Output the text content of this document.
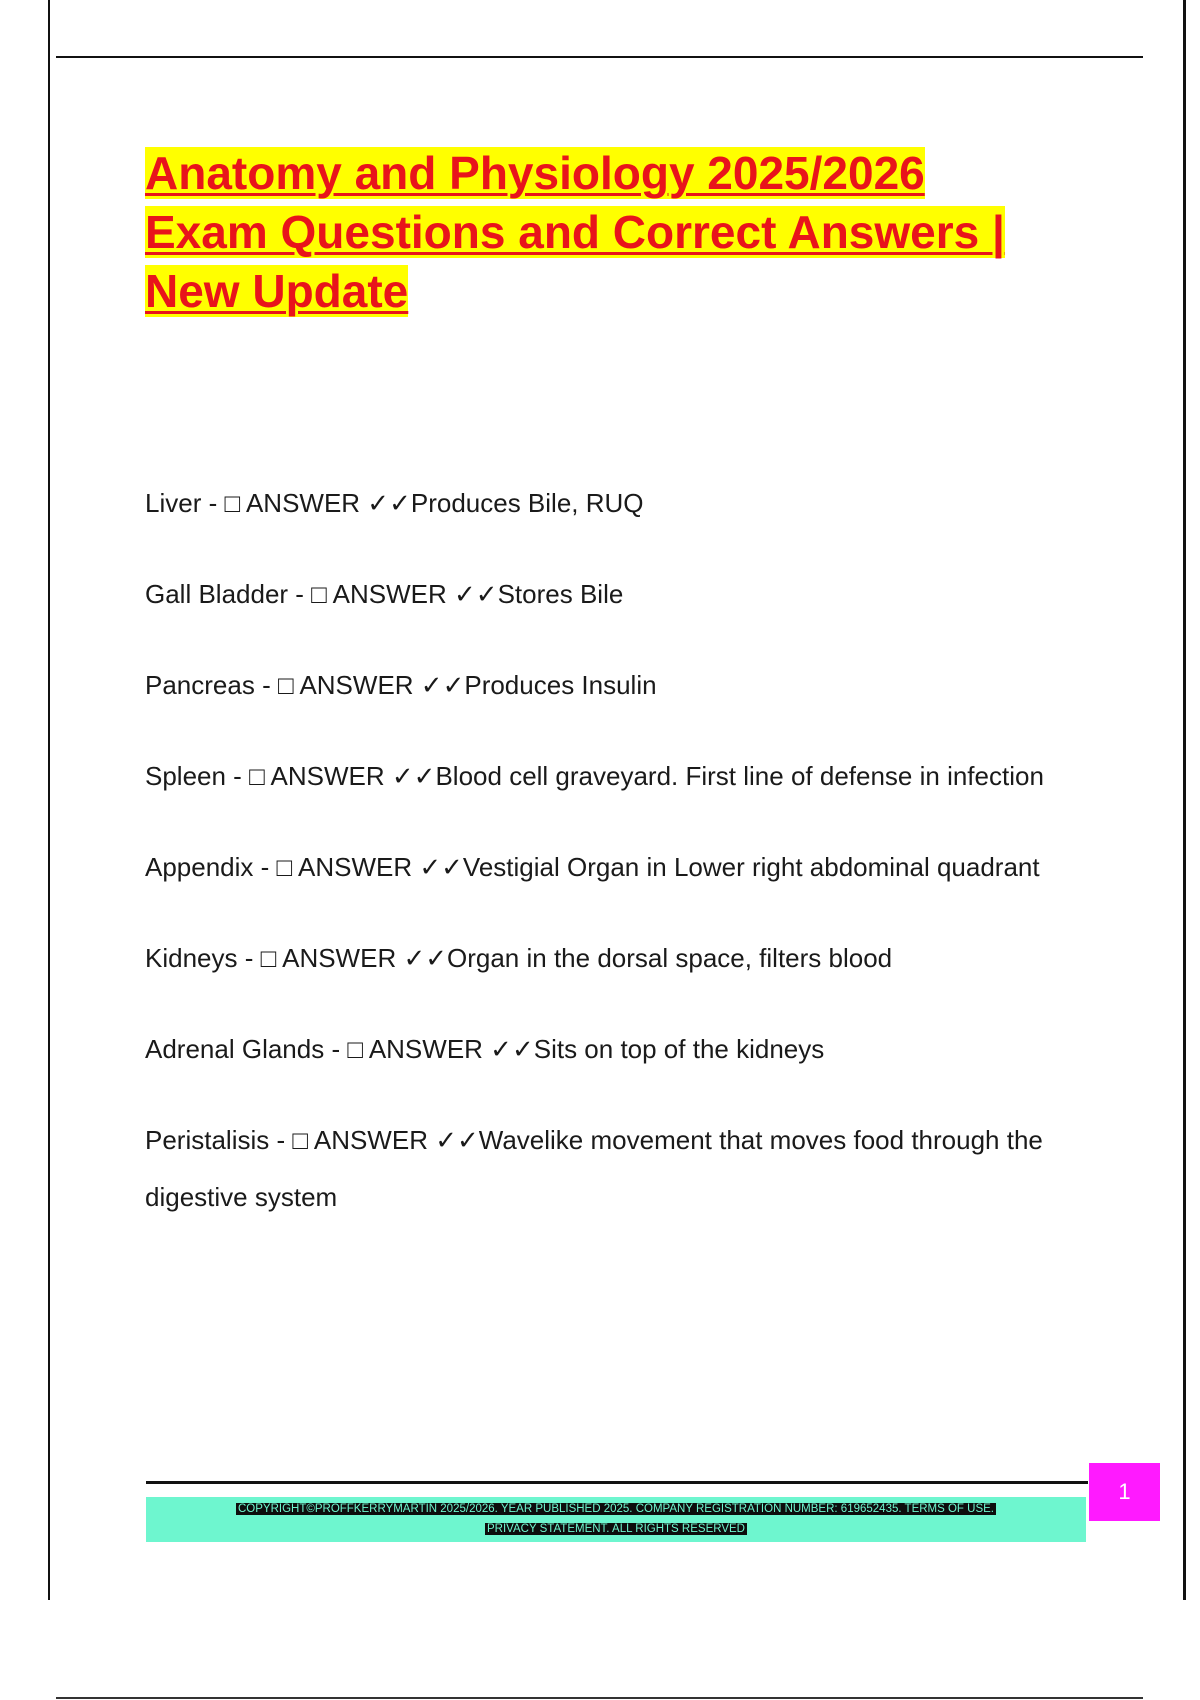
Anatomy and Physiology 2025/2026
Exam Questions and Correct Answers |
New Update
Liver - □ ANSWER ✓✓Produces Bile, RUQ
Gall Bladder - □ ANSWER ✓✓Stores Bile
Pancreas - □ ANSWER ✓✓Produces Insulin
Spleen - □ ANSWER ✓✓Blood cell graveyard. First line of defense in infection
Appendix - □ ANSWER ✓✓Vestigial Organ in Lower right abdominal quadrant
Kidneys - □ ANSWER ✓✓Organ in the dorsal space, filters blood
Adrenal Glands - □ ANSWER ✓✓Sits on top of the kidneys
Peristalisis - □ ANSWER ✓✓Wavelike movement that moves food through the digestive system
COPYRIGHT©PROFFKERRYMARTIN 2025/2026. YEAR PUBLISHED 2025. COMPANY REGISTRATION NUMBER: 619652435. TERMS OF USE.
PRIVACY STATEMENT. ALL RIGHTS RESERVED
1
